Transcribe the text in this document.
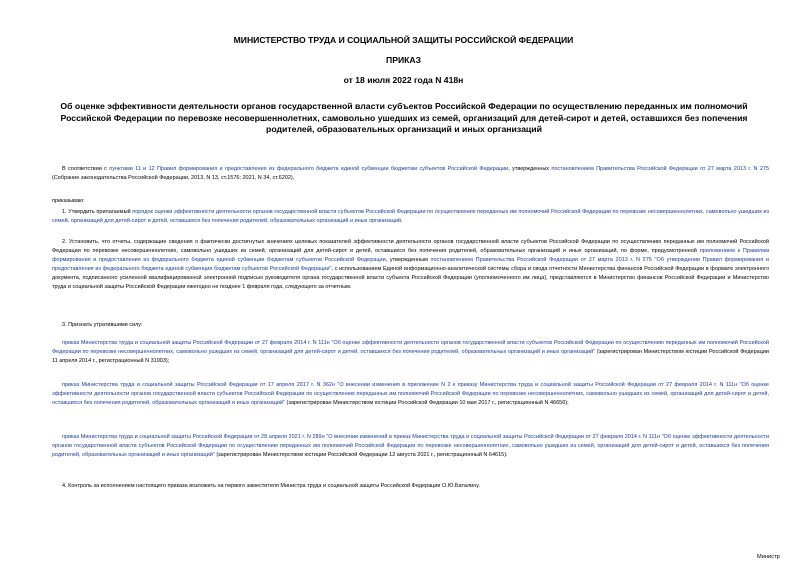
МИНИСТЕРСТВО ТРУДА И СОЦИАЛЬНОЙ ЗАЩИТЫ РОССИЙСКОЙ ФЕДЕРАЦИИ
ПРИКАЗ
от 18 июля 2022 года N 418н
Об оценке эффективности деятельности органов государственной власти субъектов Российской Федерации по осуществлению переданных им полномочий Российской Федерации по перевозке несовершеннолетних, самовольно ушедших из семей, организаций для детей-сирот и детей, оставшихся без попечения родителей, образовательных организаций и иных организаций
В соответствии с пунктами 11 и 12 Правил формирования и предоставления из федерального бюджета единой субвенции бюджетам субъектов Российской Федерации, утвержденных постановлением Правительства Российской Федерации от 27 марта 2013 г. N 275 (Собрание законодательства Российской Федерации, 2013, N 13, ст.1576; 2021, N 34, ст.6202),
приказываю:
1. Утвердить прилагаемый порядок оценки эффективности деятельности органов государственной власти субъектов Российской Федерации по осуществлению переданных им полномочий Российской Федерации по перевозке несовершеннолетних, самовольно ушедших из семей, организаций для детей-сирот и детей, оставшихся без попечения родителей, образовательных организаций и иных организаций.
2. Установить, что отчеты, содержащие сведения о фактически достигнутых значениях целевых показателей эффективности деятельности органов государственной власти субъектов Российской Федерации по осуществлению переданных им полномочий Российской Федерации по перевозке несовершеннолетних, самовольно ушедших из семей, организаций для детей-сирот и детей, оставшихся без попечения родителей, образовательных организаций и иных организаций, по форме, предусмотренной приложением к Правилам формирования и предоставления из федерального бюджета единой субвенции бюджетам субъектов Российской Федерации, утвержденным постановлением Правительства Российской Федерации от 27 марта 2013 г. N 275 "Об утверждении Правил формирования и предоставления из федерального бюджета единой субвенции бюджетам субъектов Российской Федерации", с использованием Единой информационно-аналитической системы сбора и свода отчетности Министерства финансов Российской Федерации в формате электронного документа, подписанного усиленной квалифицированной электронной подписью руководителя органа государственной власти субъекта Российской Федерации (уполномоченного им лица), представляются в Министерство финансов Российской Федерации и Министерство труда и социальной защиты Российской Федерации ежегодно не позднее 1 февраля года, следующего за отчетным.
3. Признать утратившими силу:
приказ Министерства труда и социальной защиты Российской Федерации от 27 февраля 2014 г. N 111н "Об оценке эффективности деятельности органов государственной власти субъектов Российской Федерации по осуществлению переданных им полномочий Российской Федерации по перевозке несовершеннолетних, самовольно ушедших из семей, организаций для детей-сирот и детей, оставшихся без попечения родителей, образовательных организаций и иных организаций" (зарегистрирован Министерством юстиции Российской Федерации 11 апреля 2014 г., регистрационный N 31903);
приказ Министерства труда и социальной защиты Российской Федерации от 17 апреля 2017 г. N 362н "О внесении изменения в приложение N 2 к приказу Министерства труда и социальной защиты Российской Федерации от 27 февраля 2014 г. N 111н "Об оценке эффективности деятельности органов государственной власти субъектов Российской Федерации по осуществлению переданных им полномочий Российской Федерации по перевозке несовершеннолетних, самовольно ушедших из семей, организаций для детей-сирот и детей, оставшихся без попечения родителей, образовательных организаций и иных организаций" (зарегистрирован Министерством юстиции Российской Федерации 10 мая 2017 г., регистрационный N 46656);
приказ Министерства труда и социальной защиты Российской Федерации от 28 апреля 2021 г. N 289н "О внесении изменений в приказ Министерства труда и социальной защиты Российской Федерации от 27 февраля 2014 г. N 111н "Об оценке эффективности деятельности органов государственной власти субъектов Российской Федерации по осуществлению переданных им полномочий Российской Федерации по перевозке несовершеннолетних, самовольно ушедших из семей, организаций для детей-сирот и детей, оставшихся без попечения родителей, образовательных организаций и иных организаций" (зарегистрирован Министерством юстиции Российской Федерации 12 августа 2021 г., регистрационный N 64615).
4. Контроль за исполнением настоящего приказа возложить на первого заместителя Министра труда и социальной защиты Российской Федерации О.Ю.Баталину.
Министр
